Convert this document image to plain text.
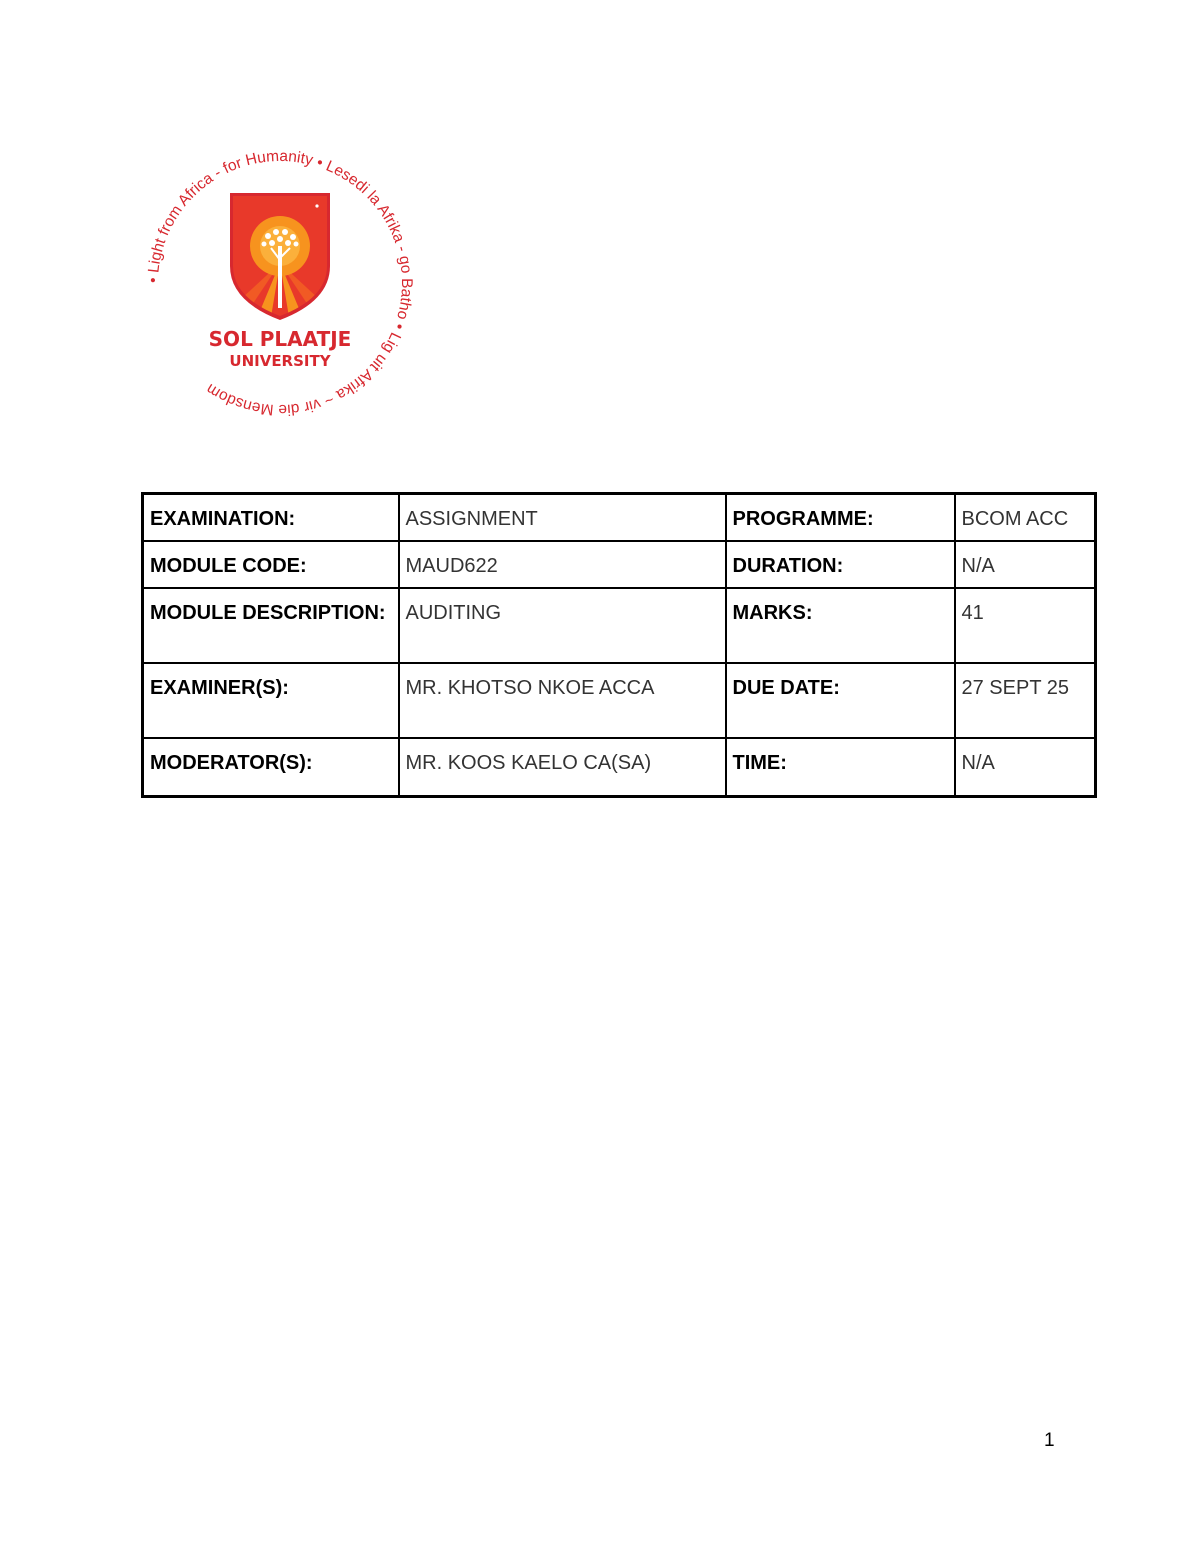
• Light from Africa - for Humanity • Lesedi la Afrika - go Batho • Lig uit Afrika ~ vir die Mensdom
SOL PLAATJE
UNIVERSITY
EXAMINATION:	ASSIGNMENT	PROGRAMME:	BCOM ACC
MODULE CODE:	MAUD622	DURATION:	N/A
MODULE DESCRIPTION:	AUDITING	MARKS:	41
EXAMINER(S):	MR. KHOTSO NKOE ACCA	DUE DATE:	27 SEPT 25
MODERATOR(S):	MR. KOOS KAELO CA(SA)	TIME:	N/A
1
